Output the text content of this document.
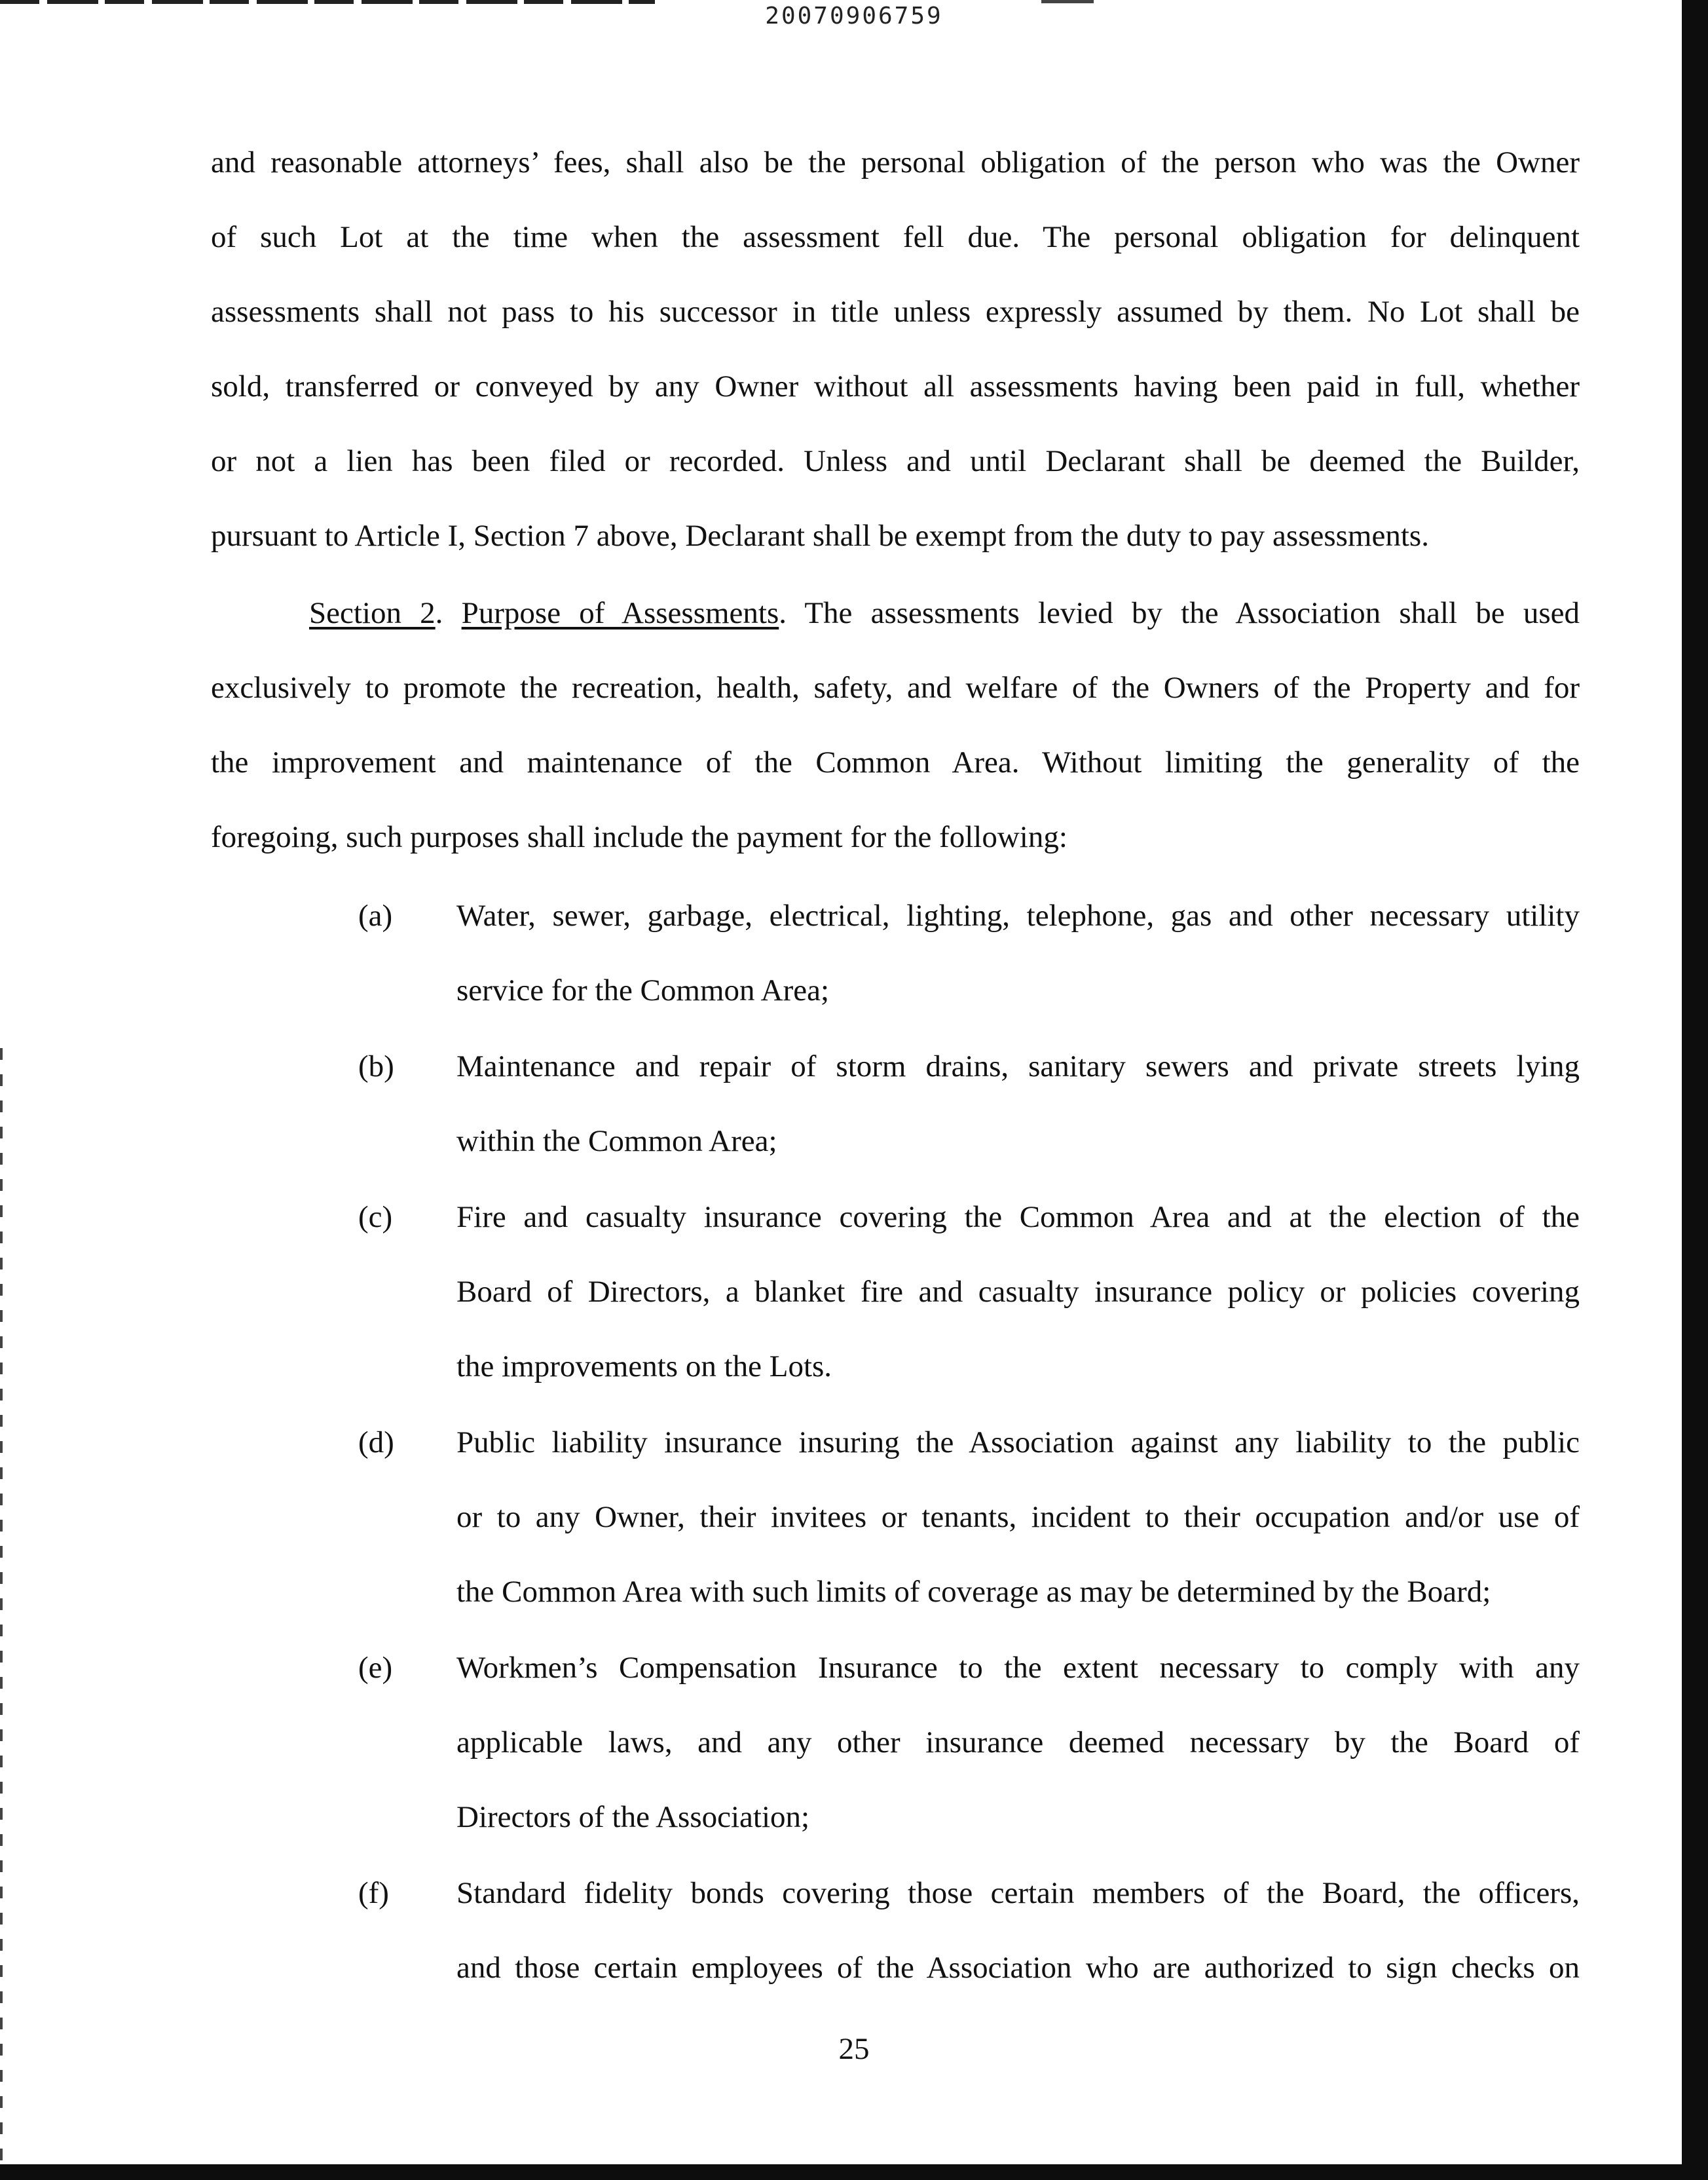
20070906759
and reasonable attorneys’ fees, shall also be the personal obligation of the person who was the Owner
of such Lot at the time when the assessment fell due. The personal obligation for delinquent
assessments shall not pass to his successor in title unless expressly assumed by them. No Lot shall be
sold, transferred or conveyed by any Owner without all assessments having been paid in full, whether
or not a lien has been filed or recorded. Unless and until Declarant shall be deemed the Builder,
pursuant to Article I, Section 7 above, Declarant shall be exempt from the duty to pay assessments.
Section 2. Purpose of Assessments. The assessments levied by the Association shall be used
exclusively to promote the recreation, health, safety, and welfare of the Owners of the Property and for
the improvement and maintenance of the Common Area. Without limiting the generality of the
foregoing, such purposes shall include the payment for the following:
(a) Water, sewer, garbage, electrical, lighting, telephone, gas and other necessary utility
service for the Common Area;
(b) Maintenance and repair of storm drains, sanitary sewers and private streets lying
within the Common Area;
(c) Fire and casualty insurance covering the Common Area and at the election of the
Board of Directors, a blanket fire and casualty insurance policy or policies covering
the improvements on the Lots.
(d) Public liability insurance insuring the Association against any liability to the public
or to any Owner, their invitees or tenants, incident to their occupation and/or use of
the Common Area with such limits of coverage as may be determined by the Board;
(e) Workmen’s Compensation Insurance to the extent necessary to comply with any
applicable laws, and any other insurance deemed necessary by the Board of
Directors of the Association;
(f) Standard fidelity bonds covering those certain members of the Board, the officers,
and those certain employees of the Association who are authorized to sign checks on
25
